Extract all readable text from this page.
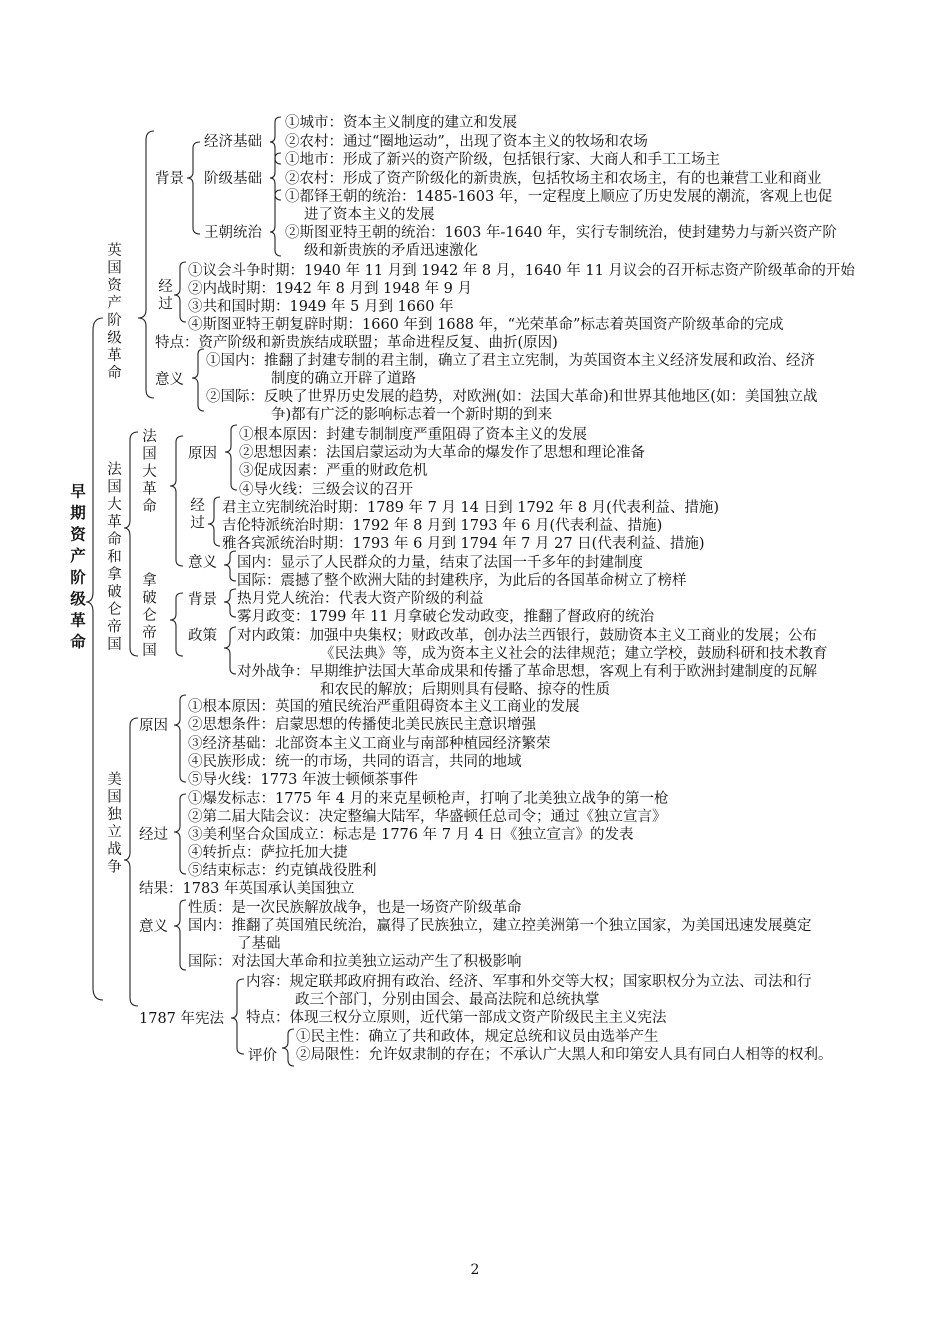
早期资产阶级革命
英国资产阶级革命
背景
经济基础
①城市：资本主义制度的建立和发展
②农村：通过“圈地运动”，出现了资本主义的牧场和农场
阶级基础
①地市：形成了新兴的资产阶级，包括银行家、大商人和手工工场主
②农村：形成了资产阶级化的新贵族，包括牧场主和农场主，有的也兼营工业和商业
王朝统治
①都铎王朝的统治：1485-1603 年，一定程度上顺应了历史发展的潮流，客观上也促
进了资本主义的发展
②斯图亚特王朝的统治：1603 年-1640 年，实行专制统治，使封建势力与新兴资产阶
级和新贵族的矛盾迅速激化
经过
①议会斗争时期：1940 年 11 月到 1942 年 8 月，1640 年 11 月议会的召开标志资产阶级革命的开始
②内战时期：1942 年 8 月到 1948 年 9 月
③共和国时期：1949 年 5 月到 1660 年
④斯图亚特王朝复辟时期：1660 年到 1688 年，“光荣革命”标志着英国资产阶级革命的完成
特点：资产阶级和新贵族结成联盟；革命进程反复、曲折(原因)
意义
①国内：推翻了封建专制的君主制，确立了君主立宪制，为英国资本主义经济发展和政治、经济
制度的确立开辟了道路
②国际：反映了世界历史发展的趋势，对欧洲(如：法国大革命)和世界其他地区(如：美国独立战
争)都有广泛的影响标志着一个新时期的到来
法国大革命和拿破仑帝国 法国大革命 原因
①根本原因：封建专制制度严重阻碍了资本主义的发展
②思想因素：法国启蒙运动为大革命的爆发作了思想和理论准备
③促成因素：严重的财政危机
④导火线：三级会议的召开
经过 君主立宪制统治时期：1789 年 7 月 14 日到 1792 年 8 月(代表利益、措施)
吉伦特派统治时期：1792 年 8 月到 1793 年 6 月(代表利益、措施)
雅各宾派统治时期：1793 年 6 月到 1794 年 7 月 27 日(代表利益、措施)
意义 国内：显示了人民群众的力量，结束了法国一千多年的封建制度
国际：震撼了整个欧洲大陆的封建秩序，为此后的各国革命树立了榜样
拿破仑帝国 背景 热月党人统治：代表大资产阶级的利益
雾月政变：1799 年 11 月拿破仑发动政变，推翻了督政府的统治
政策 对内政策：加强中央集权；财政改革，创办法兰西银行，鼓励资本主义工商业的发展；公布
《民法典》等，成为资本主义社会的法律规范；建立学校，鼓励科研和技术教育
对外战争：早期维护法国大革命成果和传播了革命思想，客观上有利于欧洲封建制度的瓦解
和农民的解放；后期则具有侵略、掠夺的性质
美国独立战争
原因
①根本原因：英国的殖民统治严重阻碍资本主义工商业的发展
②思想条件：启蒙思想的传播使北美民族民主意识增强
③经济基础：北部资本主义工商业与南部种植园经济繁荣
④民族形成：统一的市场，共同的语言，共同的地域
⑤导火线：1773 年波士顿倾茶事件
经过
①爆发标志：1775 年 4 月的来克星顿枪声，打响了北美独立战争的第一枪
②第二届大陆会议：决定整编大陆军，华盛顿任总司令；通过《独立宣言》
③美利坚合众国成立：标志是 1776 年 7 月 4 日《独立宣言》的发表
④转折点：萨拉托加大捷
⑤结束标志：约克镇战役胜利
结果：1783 年英国承认美国独立
意义
性质：是一次民族解放战争，也是一场资产阶级革命
国内：推翻了英国殖民统治，赢得了民族独立，建立控美洲第一个独立国家，为美国迅速发展奠定
了基础
国际：对法国大革命和拉美独立运动产生了积极影响
1787 年宪法
内容：规定联邦政府拥有政治、经济、军事和外交等大权；国家职权分为立法、司法和行
政三个部门，分别由国会、最高法院和总统执掌
特点：体现三权分立原则，近代第一部成文资产阶级民主主义宪法
评价
①民主性：确立了共和政体，规定总统和议员由选举产生
②局限性：允许奴隶制的存在；不承认广大黑人和印第安人具有同白人相等的权利。
2
